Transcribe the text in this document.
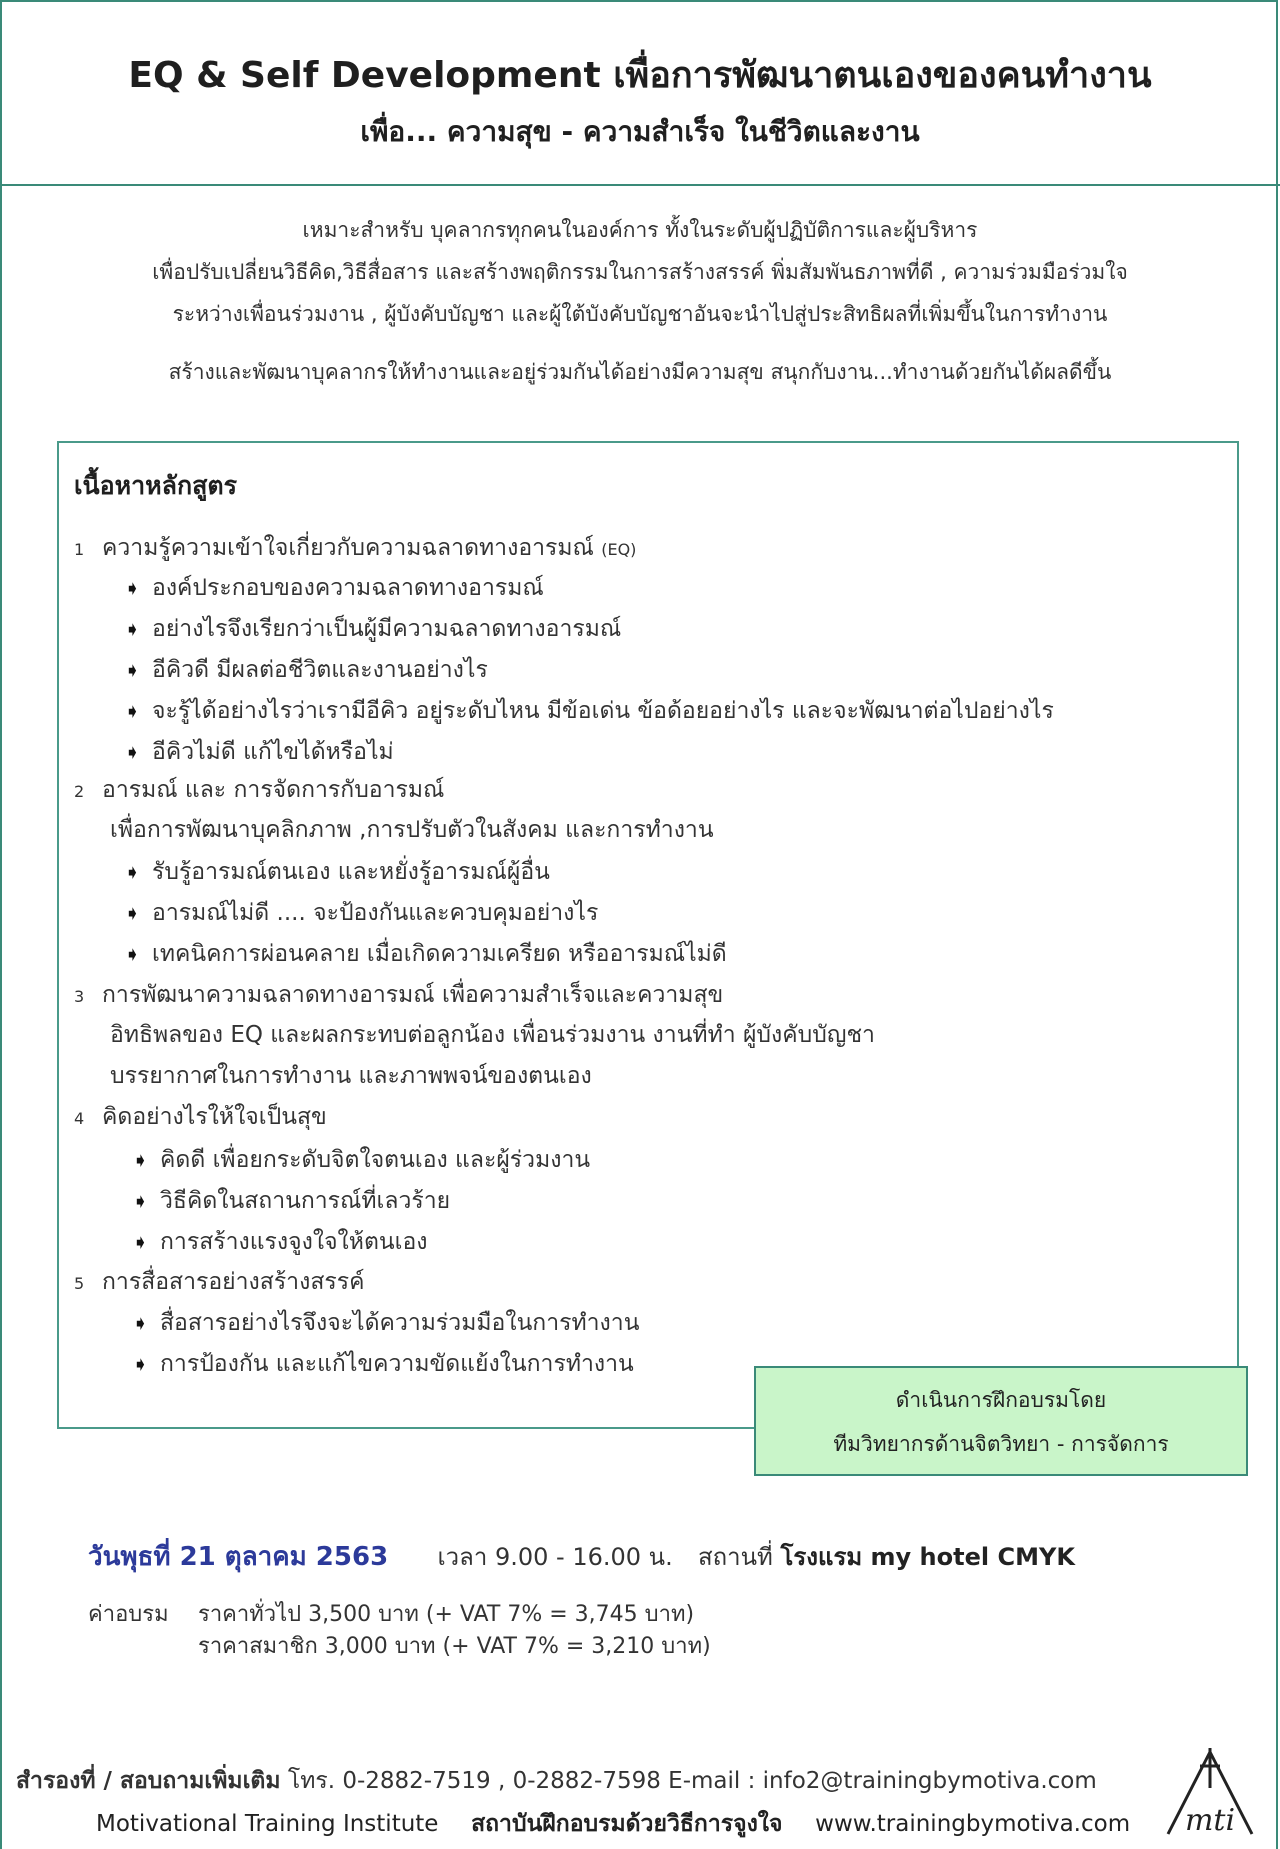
EQ & Self Development เพื่อการพัฒนาตนเองของคนทำงาน
เพื่อ... ความสุข - ความสำเร็จ ในชีวิตและงาน
เหมาะสำหรับ บุคลากรทุกคนในองค์การ ทั้งในระดับผู้ปฏิบัติการและผู้บริหาร
เพื่อปรับเปลี่ยนวิธีคิด,วิธีสื่อสาร และสร้างพฤติกรรมในการสร้างสรรค์ พิ่มสัมพันธภาพที่ดี , ความร่วมมือร่วมใจ
ระหว่างเพื่อนร่วมงาน , ผู้บังคับบัญชา และผู้ใต้บังคับบัญชาอันจะนำไปสู่ประสิทธิผลที่เพิ่มขึ้นในการทำงาน
สร้างและพัฒนาบุคลากรให้ทำงานและอยู่ร่วมกันได้อย่างมีความสุข สนุกกับงาน...ทำงานด้วยกันได้ผลดีขึ้น
เนื้อหาหลักสูตร
1 ความรู้ความเข้าใจเกี่ยวกับความฉลาดทางอารมณ์ (EQ)
➧ องค์ประกอบของความฉลาดทางอารมณ์
➧ อย่างไรจึงเรียกว่าเป็นผู้มีความฉลาดทางอารมณ์
➧ อีคิวดี มีผลต่อชีวิตและงานอย่างไร
➧ จะรู้ได้อย่างไรว่าเรามีอีคิว อยู่ระดับไหน มีข้อเด่น ข้อด้อยอย่างไร และจะพัฒนาต่อไปอย่างไร
➧ อีคิวไม่ดี แก้ไขได้หรือไม่
2 อารมณ์ และ การจัดการกับอารมณ์
เพื่อการพัฒนาบุคลิกภาพ ,การปรับตัวในสังคม และการทำงาน
➧ รับรู้อารมณ์ตนเอง และหยั่งรู้อารมณ์ผู้อื่น
➧ อารมณ์ไม่ดี .... จะป้องกันและควบคุมอย่างไร
➧ เทคนิคการผ่อนคลาย เมื่อเกิดความเครียด หรืออารมณ์ไม่ดี
3 การพัฒนาความฉลาดทางอารมณ์ เพื่อความสำเร็จและความสุข
อิทธิพลของ EQ และผลกระทบต่อลูกน้อง เพื่อนร่วมงาน งานที่ทำ ผู้บังคับบัญชา
บรรยากาศในการทำงาน และภาพพจน์ของตนเอง
4 คิดอย่างไรให้ใจเป็นสุข
➧ คิดดี เพื่อยกระดับจิตใจตนเอง และผู้ร่วมงาน
➧ วิธีคิดในสถานการณ์ที่เลวร้าย
➧ การสร้างแรงจูงใจให้ตนเอง
5 การสื่อสารอย่างสร้างสรรค์
➧ สื่อสารอย่างไรจึงจะได้ความร่วมมือในการทำงาน
➧ การป้องกัน และแก้ไขความขัดแย้งในการทำงาน
ดำเนินการฝึกอบรมโดย
ทีมวิทยากรด้านจิตวิทยา - การจัดการ
วันพุธที่ 21 ตุลาคม 2563 เวลา 9.00 - 16.00 น. สถานที่ โรงแรม my hotel CMYK
ค่าอบรม ราคาทั่วไป 3,500 บาท (+ VAT 7% = 3,745 บาท)
ราคาสมาชิก 3,000 บาท (+ VAT 7% = 3,210 บาท)
สำรองที่ / สอบถามเพิ่มเติม โทร. 0-2882-7519 , 0-2882-7598 E-mail : info2@trainingbymotiva.com
Motivational Training Institute สถาบันฝึกอบรมด้วยวิธีการจูงใจ www.trainingbymotiva.com mti
